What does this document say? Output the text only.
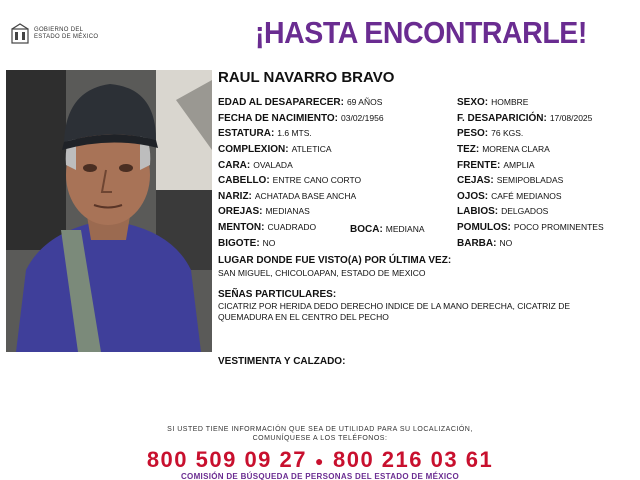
GOBIERNO DEL
ESTADO DE MÉXICO	¡HASTA ENCONTRARLE!
RAUL NAVARRO BRAVO
EDAD AL DESAPARECER: 69 AÑOS
FECHA DE NACIMIENTO: 03/02/1956
ESTATURA: 1.6 MTS.
COMPLEXION: ATLETICA
CARA: OVALADA
CABELLO: ENTRE CANO CORTO
NARIZ: ACHATADA BASE ANCHA
OREJAS: MEDIANAS
MENTON: CUADRADO
BIGOTE: NO
BOCA: MEDIANA
SEXO: HOMBRE
F. DESAPARICIÓN: 17/08/2025
PESO: 76 KGS.
TEZ: MORENA CLARA
FRENTE: AMPLIA
CEJAS: SEMIPOBLADAS
OJOS: CAFÉ MEDIANOS
LABIOS: DELGADOS
POMULOS: POCO PROMINENTES
BARBA: NO
LUGAR DONDE FUE VISTO(A) POR ÚLTIMA VEZ:
SAN MIGUEL, CHICOLOAPAN, ESTADO DE MEXICO
SEÑAS PARTICULARES:
CICATRIZ POR HERIDA DEDO DERECHO INDICE DE LA MANO DERECHA, CICATRIZ DE QUEMADURA EN EL CENTRO DEL PECHO
VESTIMENTA Y CALZADO:
SI USTED TIENE INFORMACIÓN QUE SEA DE UTILIDAD PARA SU LOCALIZACIÓN,
COMUNÍQUESE A LOS TELÉFONOS:
800 509 09 27 ● 800 216 03 61
COMISIÓN DE BÚSQUEDA DE PERSONAS DEL ESTADO DE MÉXICO
